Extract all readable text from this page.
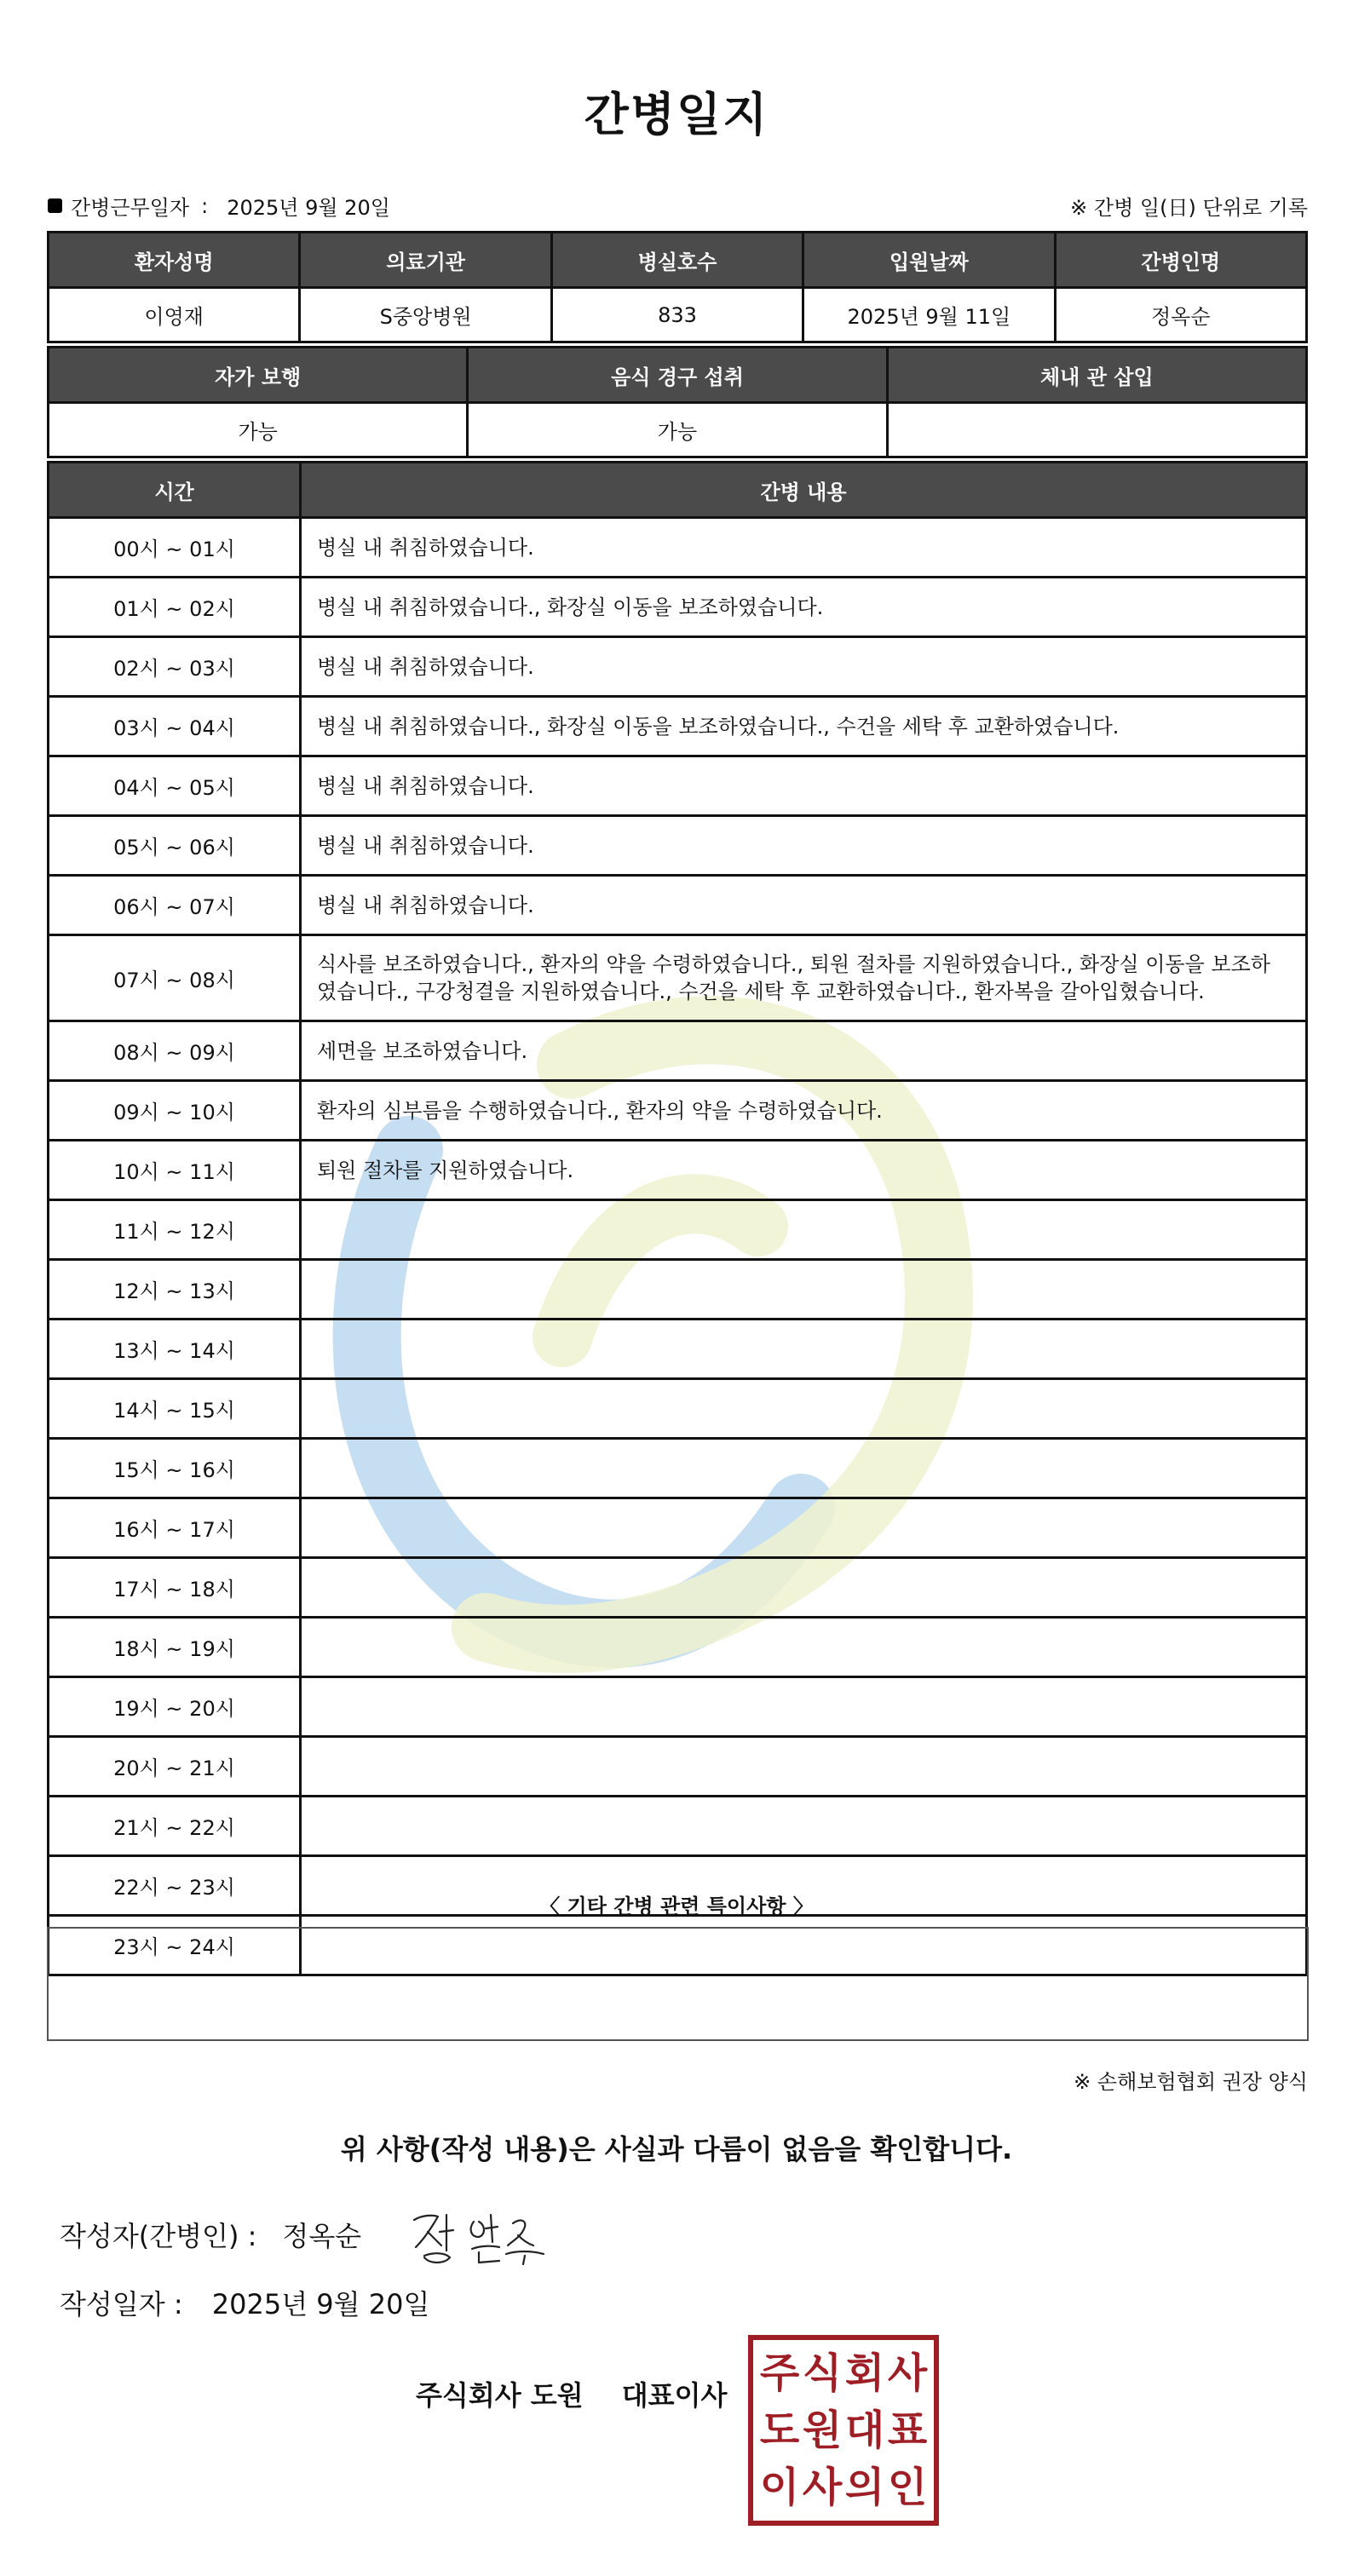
간병일지
간병근무일자 : 2025년 9월 20일	※ 간병 일(日) 단위로 기록
환자성명	의료기관	병실호수	입원날짜	간병인명
이영재	S중앙병원	833	2025년 9월 11일	정옥순
자가 보행	음식 경구 섭취	체내 관 삽입
가능	가능	
시간	간병 내용
00시 ~ 01시	병실 내 취침하였습니다.
01시 ~ 02시	병실 내 취침하였습니다., 화장실 이동을 보조하였습니다.
02시 ~ 03시	병실 내 취침하였습니다.
03시 ~ 04시	병실 내 취침하였습니다., 화장실 이동을 보조하였습니다., 수건을 세탁 후 교환하였습니다.
04시 ~ 05시	병실 내 취침하였습니다.
05시 ~ 06시	병실 내 취침하였습니다.
06시 ~ 07시	병실 내 취침하였습니다.
07시 ~ 08시	식사를 보조하였습니다., 환자의 약을 수령하였습니다., 퇴원 절차를 지원하였습니다., 화장실 이동을 보조하였습니다., 구강청결을 지원하였습니다., 수건을 세탁 후 교환하였습니다., 환자복을 갈아입혔습니다.
08시 ~ 09시	세면을 보조하였습니다.
09시 ~ 10시	환자의 심부름을 수행하였습니다., 환자의 약을 수령하였습니다.
10시 ~ 11시	퇴원 절차를 지원하였습니다.
11시 ~ 12시	
12시 ~ 13시	
13시 ~ 14시	
14시 ~ 15시	
15시 ~ 16시	
16시 ~ 17시	
17시 ~ 18시	
18시 ~ 19시	
19시 ~ 20시	
20시 ~ 21시	
21시 ~ 22시	
22시 ~ 23시	
23시 ~ 24시	
〈 기타 간병 관련 특이사항 〉
※ 손해보험협회 권장 양식
위 사항(작성 내용)은 사실과 다름이 없음을 확인합니다.
작성자(간병인) : 정옥순
작성일자 : 2025년 9월 20일
주식회사 도원 대표이사 주 식 회 사
도 원 대 표
이 사 의 인
